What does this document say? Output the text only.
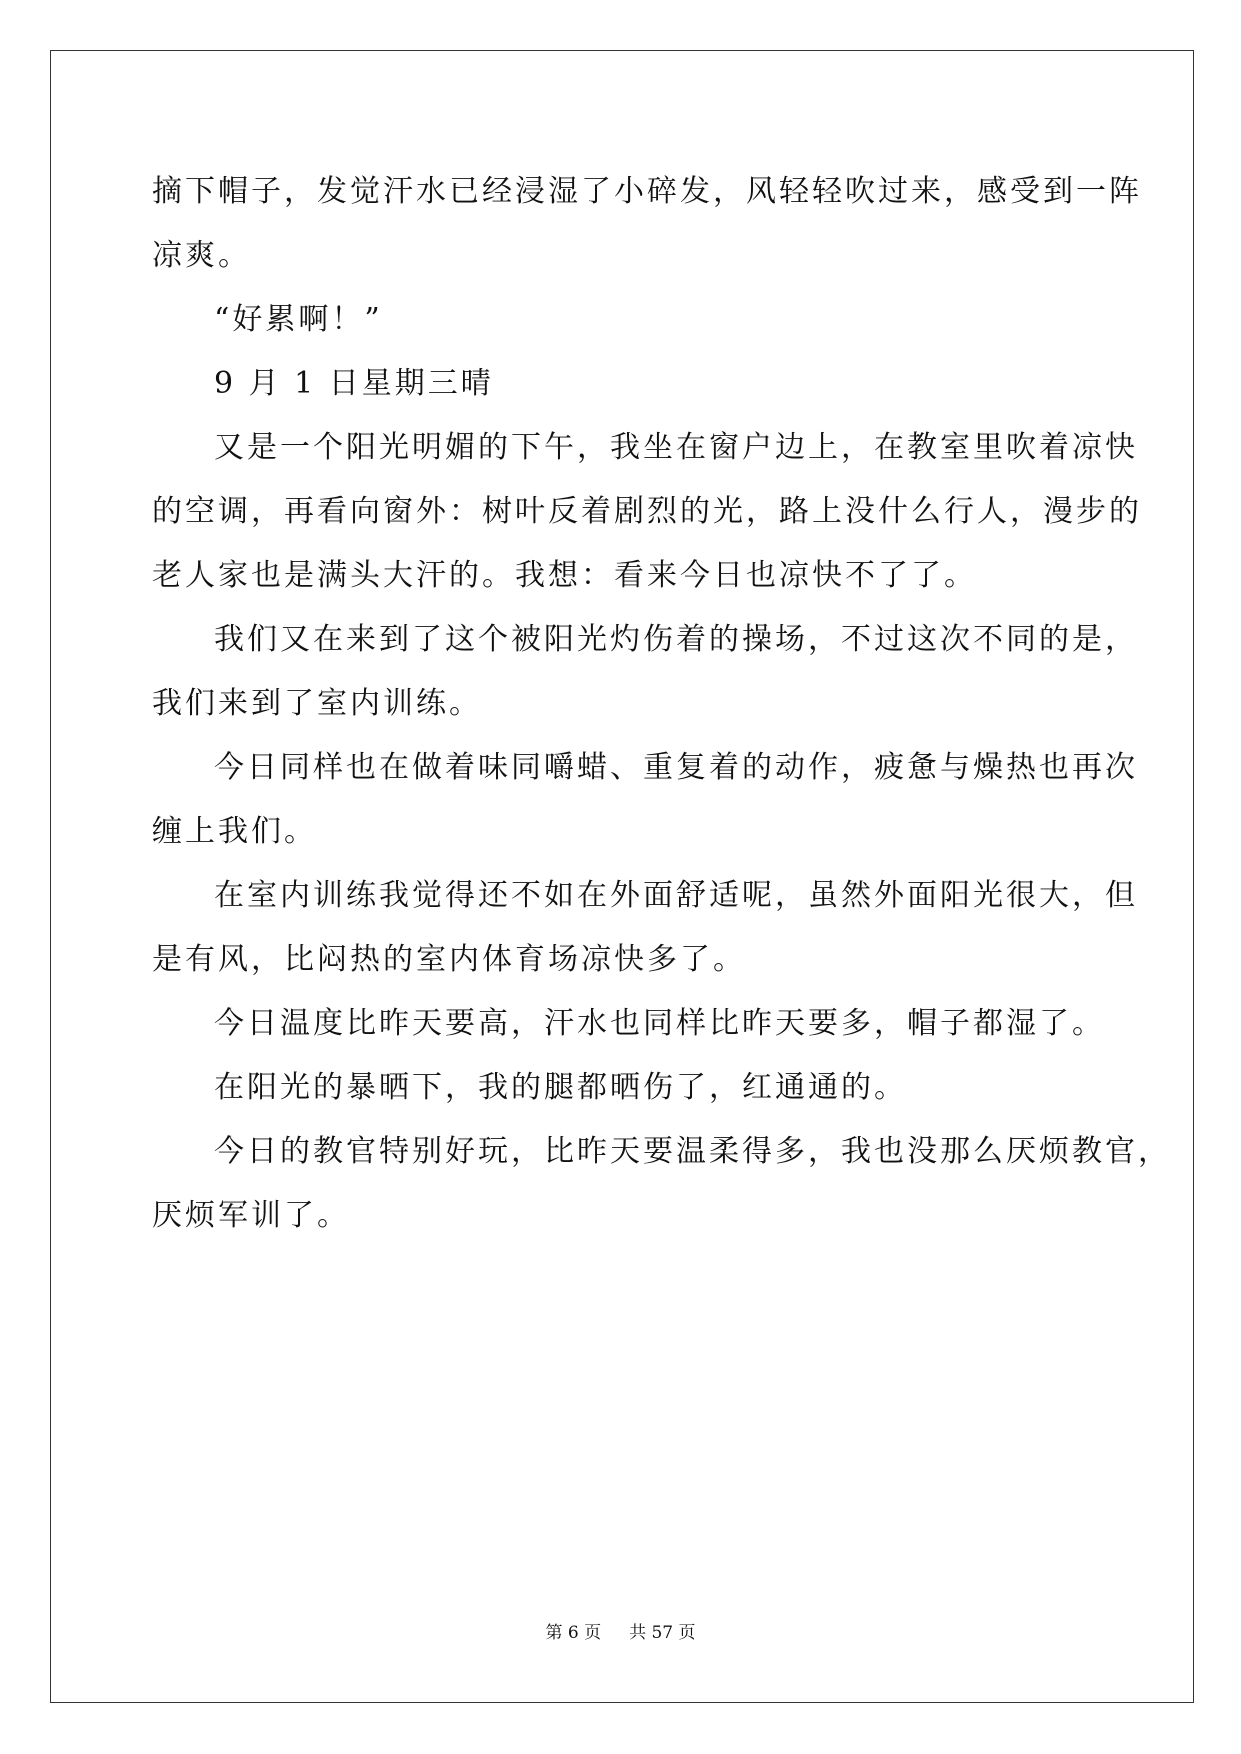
摘下帽子，发觉汗水已经浸湿了小碎发，风轻轻吹过来，感受到一阵

凉爽。

“好累啊！”

9 月 1 日星期三晴

又是一个阳光明媚的下午，我坐在窗户边上，在教室里吹着凉快

的空调，再看向窗外：树叶反着剧烈的光，路上没什么行人，漫步的

老人家也是满头大汗的。我想：看来今日也凉快不了了。

我们又在来到了这个被阳光灼伤着的操场，不过这次不同的是，

我们来到了室内训练。

今日同样也在做着味同嚼蜡、重复着的动作，疲惫与燥热也再次

缠上我们。

在室内训练我觉得还不如在外面舒适呢，虽然外面阳光很大，但

是有风，比闷热的室内体育场凉快多了。

今日温度比昨天要高，汗水也同样比昨天要多，帽子都湿了。

在阳光的暴晒下，我的腿都晒伤了，红通通的。

今日的教官特别好玩，比昨天要温柔得多，我也没那么厌烦教官，

厌烦军训了。

第 6 页 共 57 页
